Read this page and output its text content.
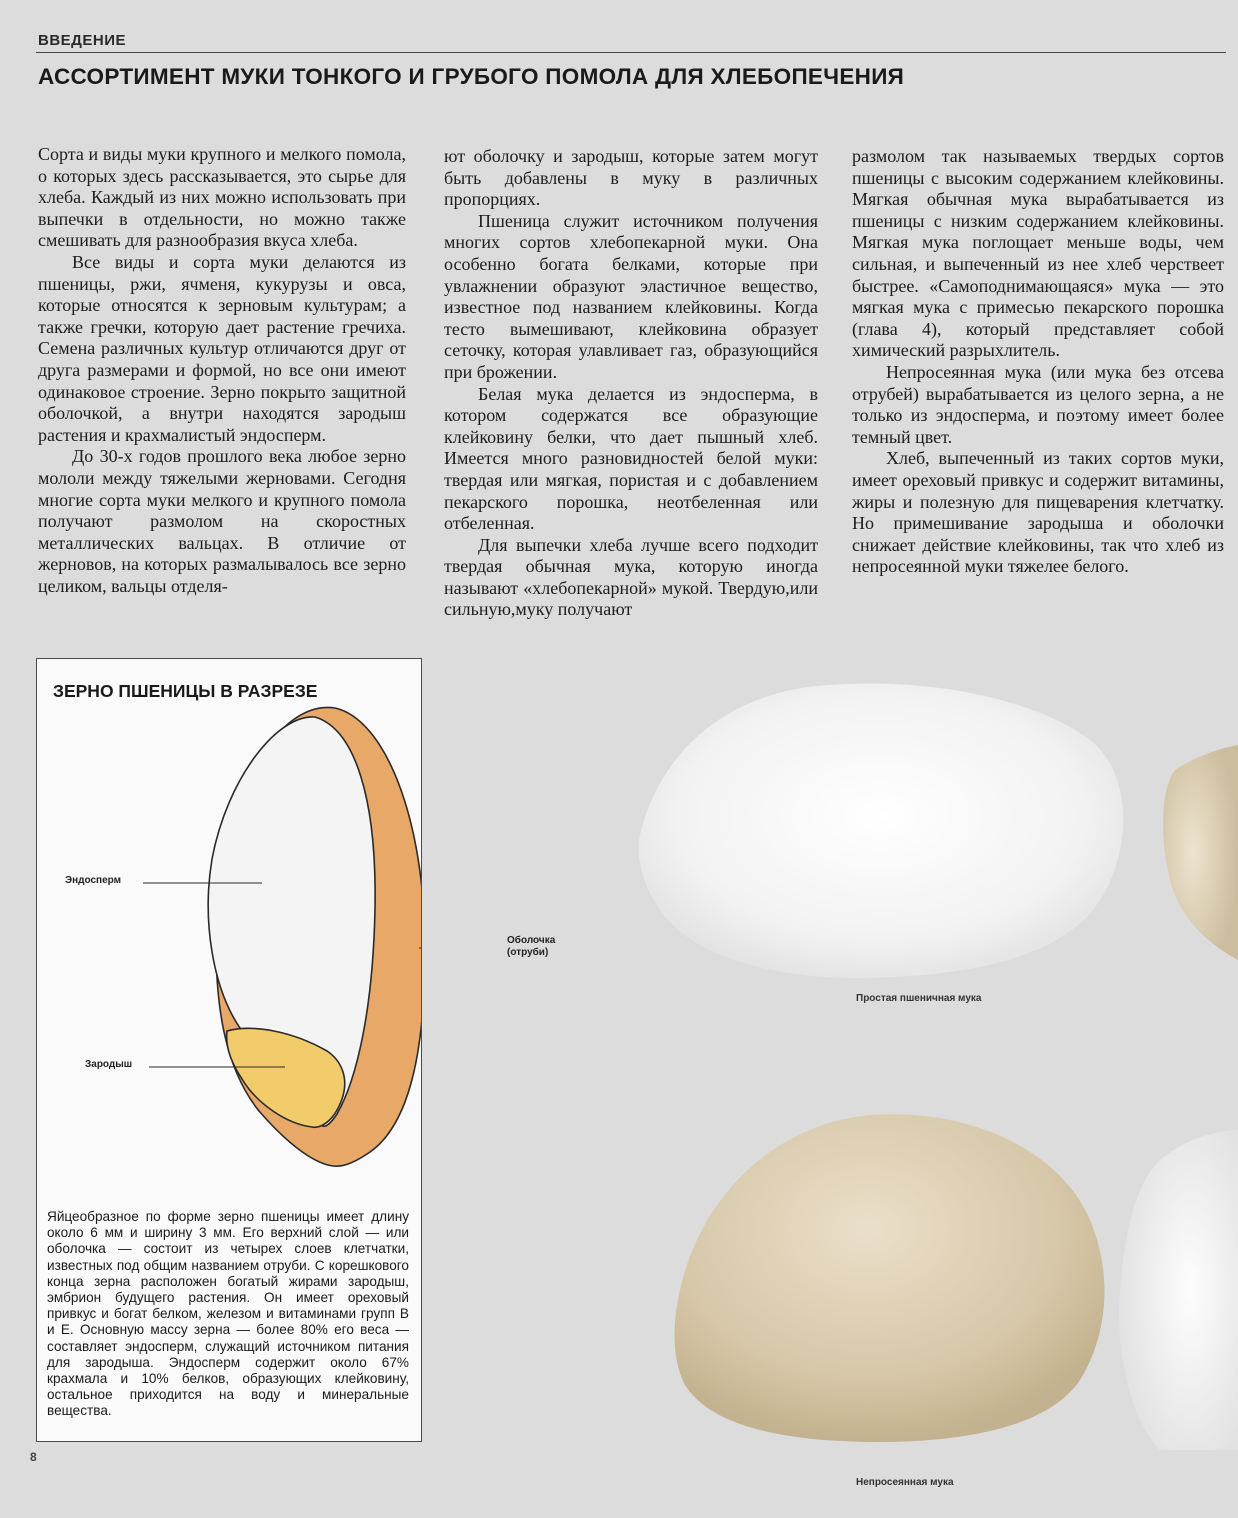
ВВЕДЕНИЕ
АССОРТИМЕНТ МУКИ ТОНКОГО И ГРУБОГО ПОМОЛА ДЛЯ ХЛЕБОПЕЧЕНИЯ

Сорта и виды муки крупного и мелкого помола, о которых здесь рассказывается, это сырье для хлеба. Каждый из них можно использовать при выпечки в отдельности, но можно также смешивать для разнообразия вкуса хлеба.

Все виды и сорта муки делаются из пшеницы, ржи, ячменя, кукурузы и овса, которые относятся к зерновым культурам; а также гречки, которую дает растение гречиха. Семена различных культур отличаются друг от друга размерами и формой, но все они имеют одинаковое строение. Зерно покрыто защитной оболочкой, а внутри находятся зародыш растения и крахмалистый эндосперм.

До 30-х годов прошлого века любое зерно мололи между тяжелыми жерновами. Сегодня многие сорта муки мелкого и крупного помола получают размолом на скоростных металлических вальцах. В отличие от жерновов, на которых размалывалось все зерно целиком, вальцы отделя-

ют оболочку и зародыш, которые затем могут быть добавлены в муку в различных пропорциях.

Пшеница служит источником получения многих сортов хлебопекарной муки. Она особенно богата белками, которые при увлажнении образуют эластичное вещество, известное под названием клейковины. Когда тесто вымешивают, клейковина образует сеточку, которая улавливает газ, образующийся при брожении.

Белая мука делается из эндосперма, в котором содержатся все образующие клейковину белки, что дает пышный хлеб. Имеется много разновидностей белой муки: твердая или мягкая, пористая и с добавлением пекарского порошка, неотбеленная или отбеленная.

Для выпечки хлеба лучше всего подходит твердая обычная мука, которую иногда называют «хлебопекарной» мукой. Твердую,или сильную,муку получают

размолом так называемых твердых сортов пшеницы с высоким содержанием клейковины. Мягкая обычная мука вырабатывается из пшеницы с низким содержанием клейковины. Мягкая мука поглощает меньше воды, чем сильная, и выпеченный из нее хлеб черствеет быстрее. «Самоподнимающаяся» мука — это мягкая мука с примесью пекарского порошка (глава 4), который представляет собой химический разрыхлитель.

Непросеянная мука (или мука без отсева отрубей) вырабатывается из целого зерна, а не только из эндосперма, и поэтому имеет более темный цвет.

Хлеб, выпеченный из таких сортов муки, имеет ореховый привкус и содержит витамины, жиры и полезную для пищеварения клетчатку. Но примешивание зародыша и оболочки снижает действие клейковины, так что хлеб из непросеянной муки тяжелее белого.

ЗЕРНО ПШЕНИЦЫ В РАЗРЕЗЕ
Эндосперм
Оболочка
(отруби)
Зародыш
Яйцеобразное по форме зерно пшеницы имеет длину около 6 мм и ширину 3 мм. Его верхний слой — или оболочка — состоит из четырех слоев клетчатки, известных под общим названием отруби. С корешкового конца зерна расположен богатый жирами зародыш, эмбрион будущего растения. Он имеет ореховый привкус и богат белком, железом и витаминами групп В и Е. Основную массу зерна — более 80% его веса — составляет эндосперм, служащий источником питания для зародыша. Эндосперм содержит около 67% крахмала и 10% белков, образующих клейковину, остальное приходится на воду и минеральные вещества.
Простая пшеничная мука
Непросеянная мука
8
